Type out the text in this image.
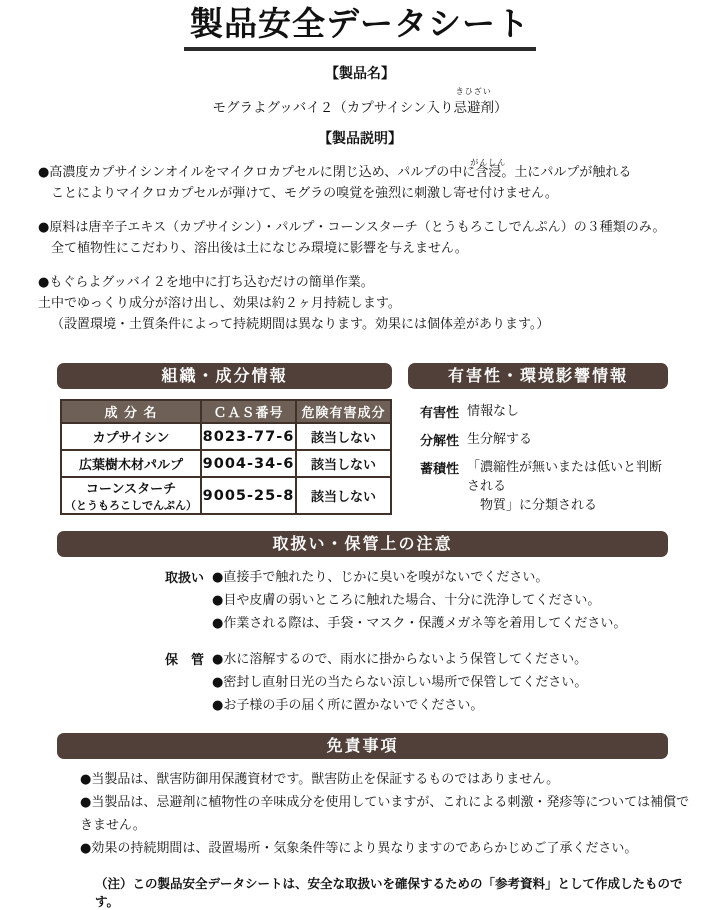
製品安全データシート
【製品名】
モグラよグッバイ２（カプサイシン入り忌避剤
きひざい
）
【製品説明】
●高濃度カプサイシンオイルをマイクロカプセルに閉じ込め、パルプの中に含浸
がんしん
。土にパルプが触れる
ことによりマイクロカプセルが弾けて、モグラの嗅覚を強烈に刺激し寄せ付けません。
●原料は唐辛子エキス（カプサイシン）・パルプ・コーンスターチ（とうもろこしでんぷん）の３種類のみ。
全て植物性にこだわり、溶出後は土になじみ環境に影響を与えません。
●もぐらよグッバイ２を地中に打ち込むだけの簡単作業。
土中でゆっくり成分が溶け出し、効果は約２ヶ月持続します。
（設置環境・土質条件によって持続期間は異なります。効果には個体差があります。）
組織・成分情報
成 分 名	ＣＡＳ番号	危険有害成分
カプサイシン	8023-77-6	該当しない
広葉樹木材パルプ	9004-34-6	該当しない

コーンスターチ
（とうもろこしでんぷん）	9005-25-8	該当しない
有害性・環境影響情報
有害性 情報なし
分解性 生分解する
蓄積性 「濃縮性が無いまたは低いと判断される
物質」に分類される
取扱い・保管上の注意
取扱い ●直接手で触れたり、じかに臭いを嗅がないでください。
●目や皮膚の弱いところに触れた場合、十分に洗浄してください。
●作業される際は、手袋・マスク・保護メガネ等を着用してください。
保　管 ●水に溶解するので、雨水に掛からないよう保管してください。
●密封し直射日光の当たらない涼しい場所で保管してください。
●お子様の手の届く所に置かないでください。
免責事項
●当製品は、獣害防御用保護資材です。獣害防止を保証するものではありません。
●当製品は、忌避剤に植物性の辛味成分を使用していますが、これによる刺激・発疹等については補償できません。
●効果の持続期間は、設置場所・気象条件等により異なりますのであらかじめご了承ください。
（注）この製品安全データシートは、安全な取扱いを確保するための「参考資料」として作成したものです。
